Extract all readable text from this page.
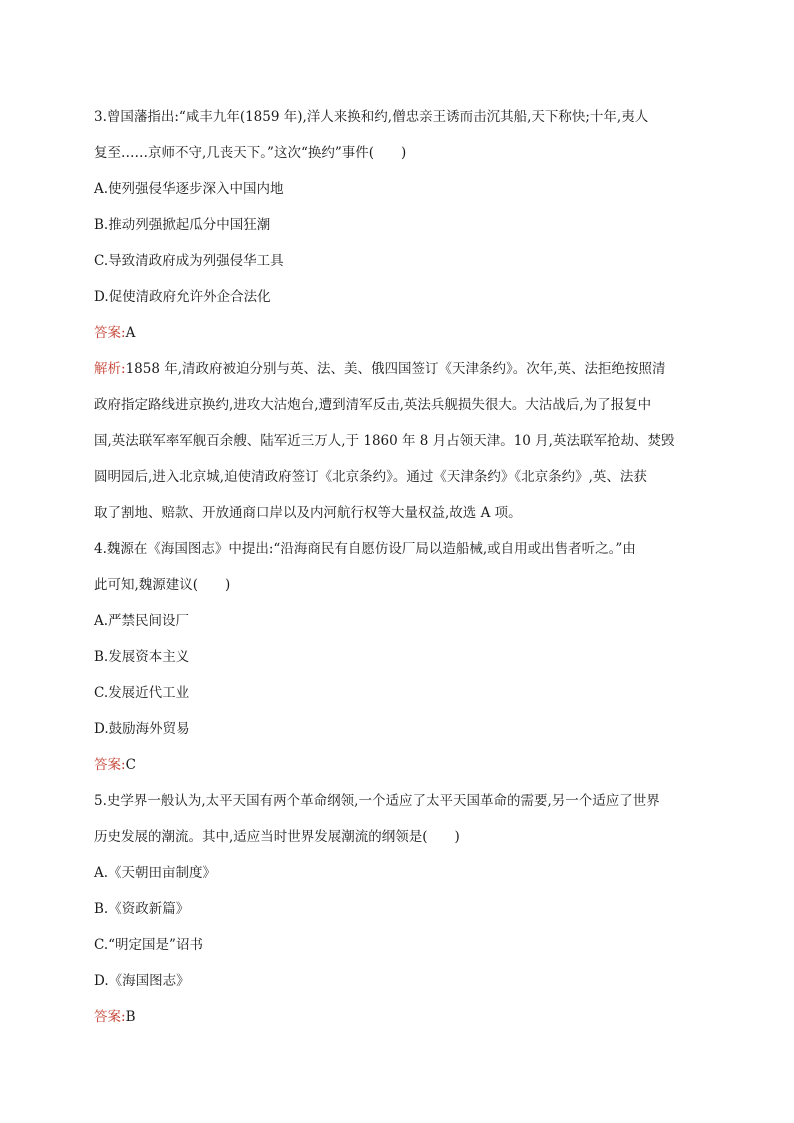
3.曾国藩指出:“咸丰九年(1859 年),洋人来换和约,僧忠亲王诱而击沉其船,天下称快;十年,夷人
复至……京师不守,几丧天下。”这次“换约”事件(　　)
A.使列强侵华逐步深入中国内地
B.推动列强掀起瓜分中国狂潮
C.导致清政府成为列强侵华工具
D.促使清政府允许外企合法化
答案:A
解析:1858 年,清政府被迫分别与英、法、美、俄四国签订《天津条约》。次年,英、法拒绝按照清
政府指定路线进京换约,进攻大沽炮台,遭到清军反击,英法兵舰损失很大。大沽战后,为了报复中
国,英法联军率军舰百余艘、陆军近三万人,于 1860 年 8 月占领天津。10 月,英法联军抢劫、焚毁
圆明园后,进入北京城,迫使清政府签订《北京条约》。通过《天津条约》《北京条约》,英、法获
取了割地、赔款、开放通商口岸以及内河航行权等大量权益,故选 A 项。
4.魏源在《海国图志》中提出:“沿海商民有自愿仿设厂局以造船械,或自用或出售者听之。”由
此可知,魏源建议(　　)
A.严禁民间设厂
B.发展资本主义
C.发展近代工业
D.鼓励海外贸易
答案:C
5.史学界一般认为,太平天国有两个革命纲领,一个适应了太平天国革命的需要,另一个适应了世界
历史发展的潮流。其中,适应当时世界发展潮流的纲领是(　　)
A.《天朝田亩制度》
B.《资政新篇》
C.“明定国是”诏书
D.《海国图志》
答案:B
